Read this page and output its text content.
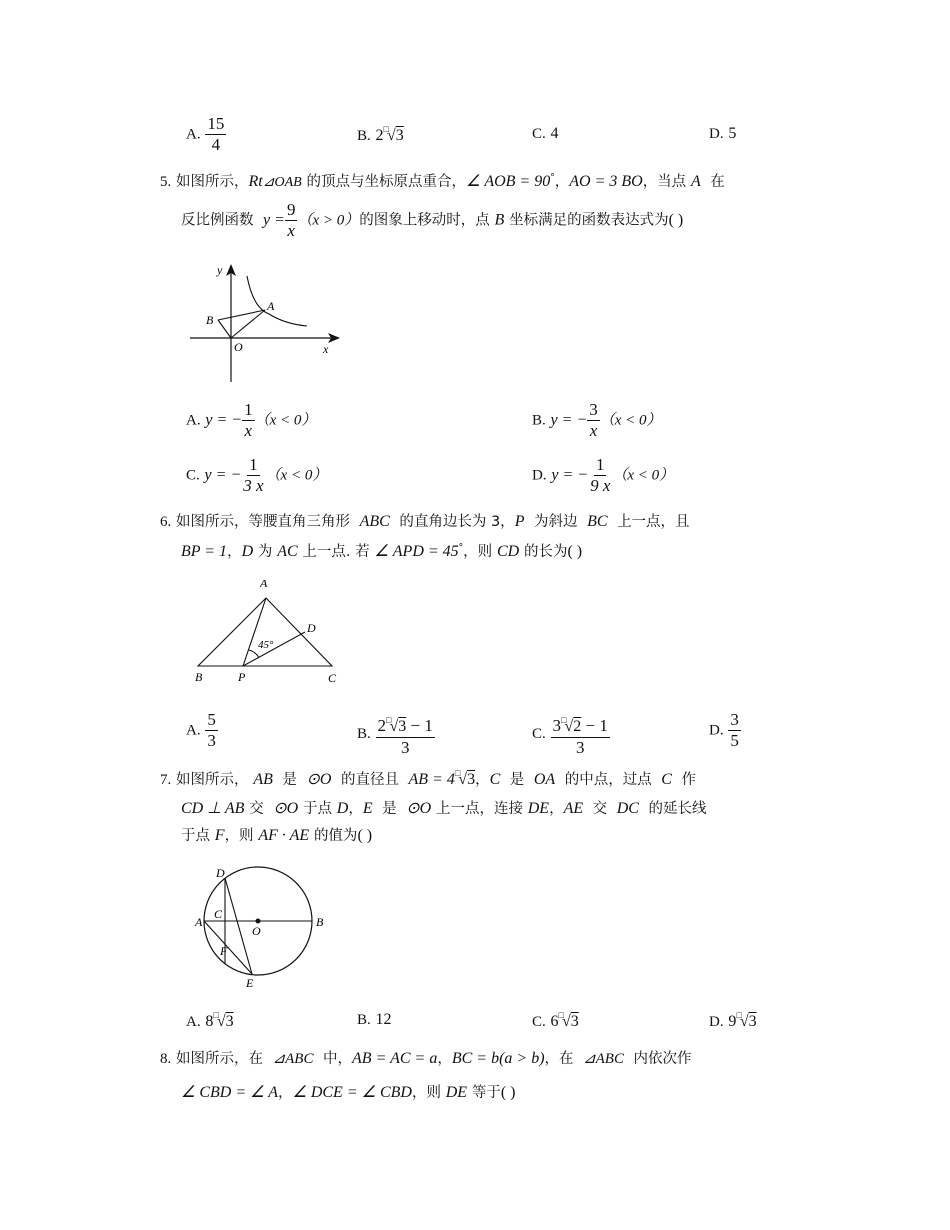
A. $\frac{15}{4}$	B. 2□√3	C. 4	D. 5
5. 如图所示，Rt⊿OAB 的顶点与坐标原点重合，∠ AOB = 90°，AO = 3 BO，当点 A 在
反比例函数 $y = \frac{9}{x} (x > 0)$的图象上移动时，点 B 坐标满足的函数表达式为( )
y
x
A
B
O
A. y = − $\frac{1}{x} (x < 0)$	B. y = − $\frac{3}{x} (x < 0)$
C. y = − $\frac{1}{3 x} (x < 0)$	D. y = − $\frac{1}{9 x} (x < 0)$
6. 如图所示，等腰直角三角形 ABC 的直角边长为 3，P 为斜边 BC 上一点，且
BP = 1，D 为 AC 上一点. 若 ∠ APD = 45°，则 CD 的长为( )
A
B	P	C
D
45°
A. $\frac{5}{3}$	B. $\frac{2^□√3 - 1}{3}$	C. $\frac{3^□√2 - 1}{3}$	D. $\frac{3}{5}$
7. 如图所示， AB 是 ⊙O 的直径且 AB = 4□√3，C 是 OA 的中点，过点 C 作
CD ⊥ AB 交 ⊙O 于点 D，E 是 ⊙O 上一点，连接 DE，AE 交 DC 的延长线
于点 F，则 AF · AE 的值为( )
D
A
C
O
B
F
E
A. 8□√3	B. 12	C. 6□√3	D. 9□√3
8. 如图所示，在 ⊿ABC 中，AB = AC = a，BC = b(a > b)，在 ⊿ABC 内依次作
∠ CBD = ∠ A，∠ DCE = ∠ CBD，则 DE 等于( )
